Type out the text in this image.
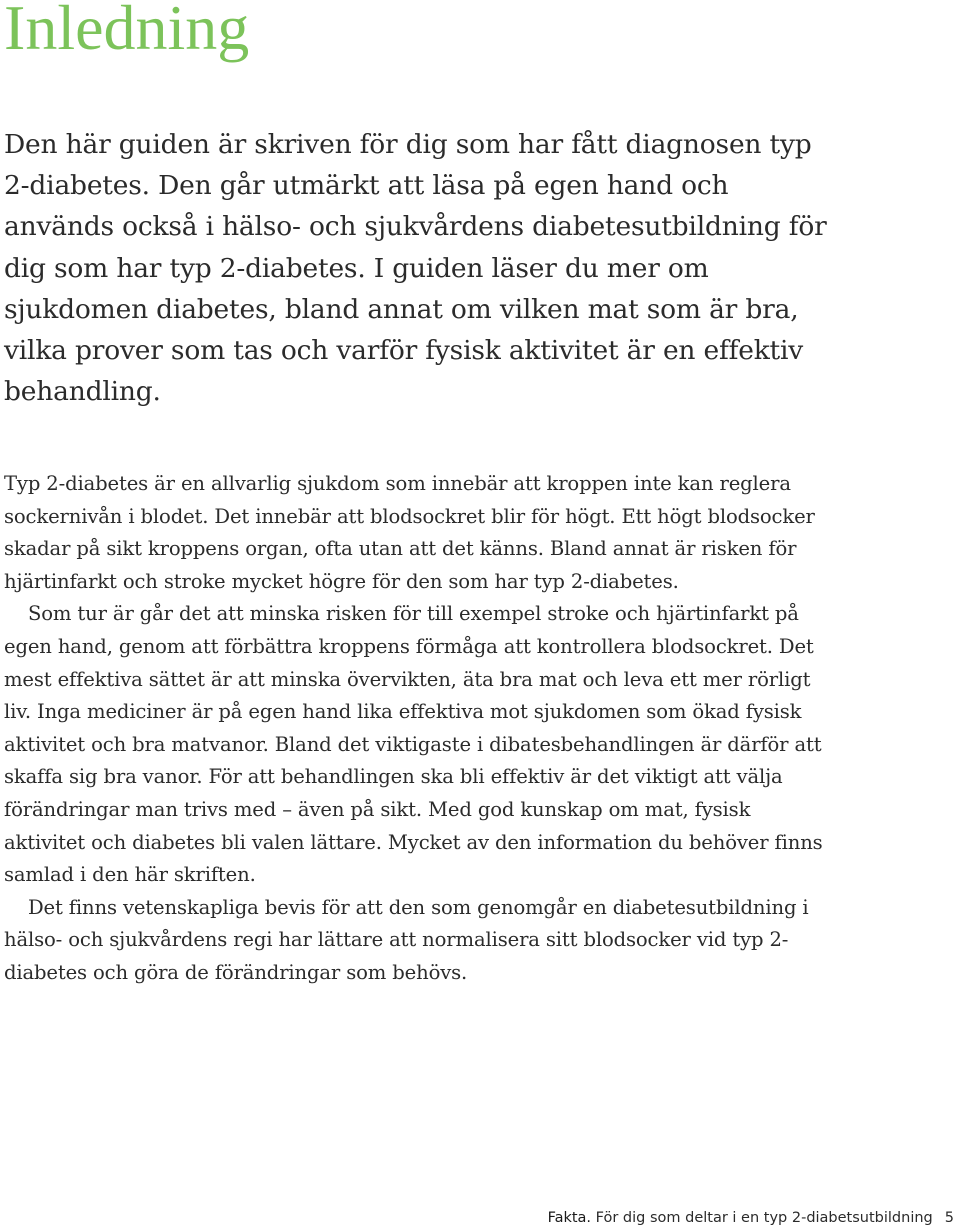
Inledning

Den här guiden är skriven för dig som har fått diagnosen typ 2-diabetes. Den går utmärkt att läsa på egen hand och används också i hälso- och sjukvårdens diabetesutbildning för dig som har typ 2-diabetes. I guiden läser du mer om sjukdomen diabetes, bland annat om vilken mat som är bra, vilka prover som tas och varför fysisk aktivitet är en effektiv behandling.

Typ 2-diabetes är en allvarlig sjukdom som innebär att kroppen inte kan reglera sockernivån i blodet. Det innebär att blodsockret blir för högt. Ett högt blodsocker skadar på sikt kroppens organ, ofta utan att det känns. Bland annat är risken för hjärtinfarkt och stroke mycket högre för den som har typ 2-diabetes.

Som tur är går det att minska risken för till exempel stroke och hjärtinfarkt på egen hand, genom att förbättra kroppens förmåga att kontrollera blodsockret. Det mest effektiva sättet är att minska övervikten, äta bra mat och leva ett mer rörligt liv. Inga mediciner är på egen hand lika effektiva mot sjukdomen som ökad fysisk aktivitet och bra matvanor. Bland det viktigaste i dibatesbehandlingen är därför att skaffa sig bra vanor. För att behandlingen ska bli effektiv är det viktigt att välja förändringar man trivs med – även på sikt. Med god kunskap om mat, fysisk aktivitet och diabetes bli valen lättare. Mycket av den information du behöver finns samlad i den här skriften.

Det finns vetenskapliga bevis för att den som genomgår en diabetesutbildning i hälso- och sjukvårdens regi har lättare att normalisera sitt blodsocker vid typ 2-diabetes och göra de förändringar som behövs.

Fakta. För dig som deltar i en typ 2-diabetsutbildning 5
